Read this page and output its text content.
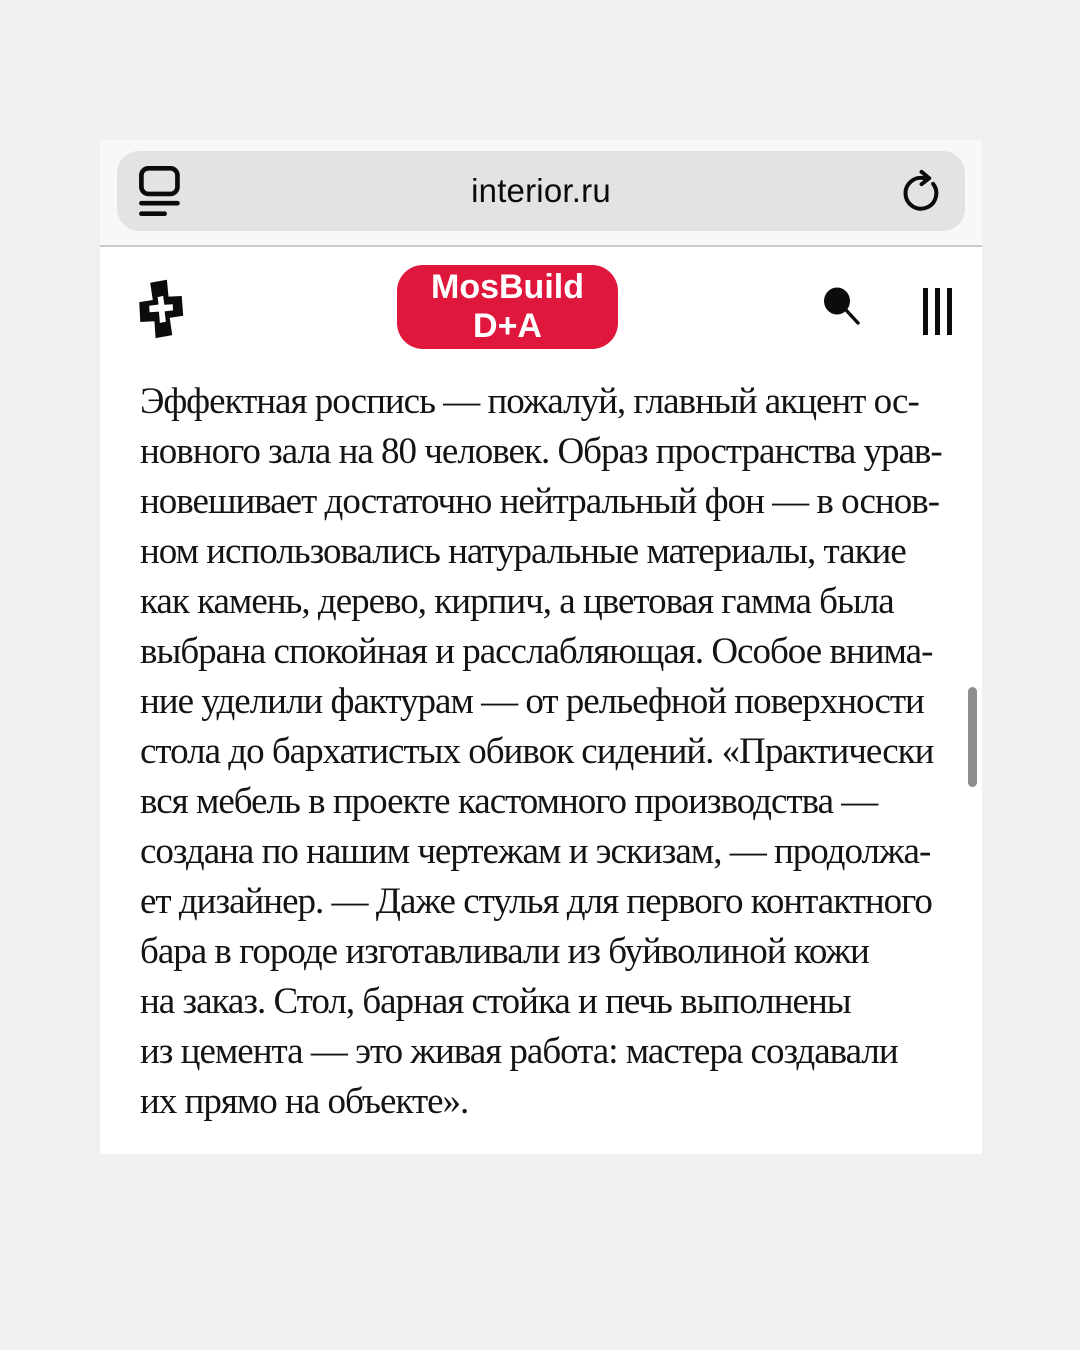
interior.ru
MosBuild D+A
Эффектная роспись — пожалуй, главный акцент ос-
новного зала на 80 человек. Образ пространства урав-
новешивает достаточно нейтральный фон — в основ-
ном использовались натуральные материалы, такие
как камень, дерево, кирпич, а цветовая гамма была
выбрана спокойная и расслабляющая. Особое внима-
ние уделили фактурам — от рельефной поверхности
стола до бархатистых обивок сидений. «Практически
вся мебель в проекте кастомного производства —
создана по нашим чертежам и эскизам, — продолжа-
ет дизайнер. — Даже стулья для первого контактного
бара в городе изготавливали из буйволиной кожи
на заказ. Стол, барная стойка и печь выполнены
из цемента — это живая работа: мастера создавали
их прямо на объекте».
